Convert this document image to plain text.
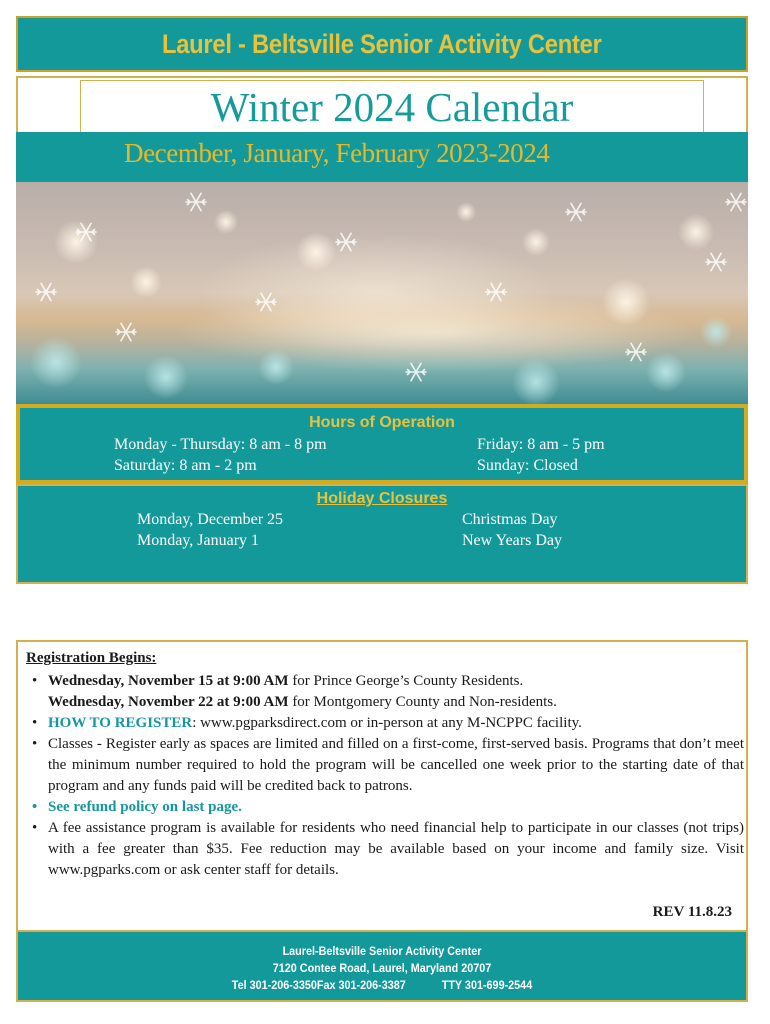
Laurel - Beltsville Senior Activity Center
Winter 2024 Calendar
December, January, February 2023-2024
Hours of Operation
Monday - Thursday: 8 am - 8 pm
Saturday: 8 am - 2 pm
Friday: 8 am - 5 pm
Sunday: Closed
Holiday Closures
Monday, December 25	Christmas Day
Monday, January 1	New Years Day
Registration Begins:
• Wednesday, November 15 at 9:00 AM for Prince George’s County Residents.
Wednesday, November 22 at 9:00 AM for Montgomery County and Non-residents.
• HOW TO REGISTER: www.pgparksdirect.com or in-person at any M-NCPPC facility.
• Classes - Register early as spaces are limited and filled on a first-come, first-served basis. Programs that don’t meet the minimum number required to hold the program will be cancelled one week prior to the starting date of that program and any funds paid will be credited back to patrons.
• See refund policy on last page.
• A fee assistance program is available for residents who need financial help to participate in our classes (not trips) with a fee greater than $35. Fee reduction may be available based on your income and family size. Visit www.pgparks.com or ask center staff for details.
REV 11.8.23
Laurel-Beltsville Senior Activity Center
7120 Contee Road, Laurel, Maryland 20707
Tel 301-206-3350Fax 301-206-3387            TTY 301-699-2544
